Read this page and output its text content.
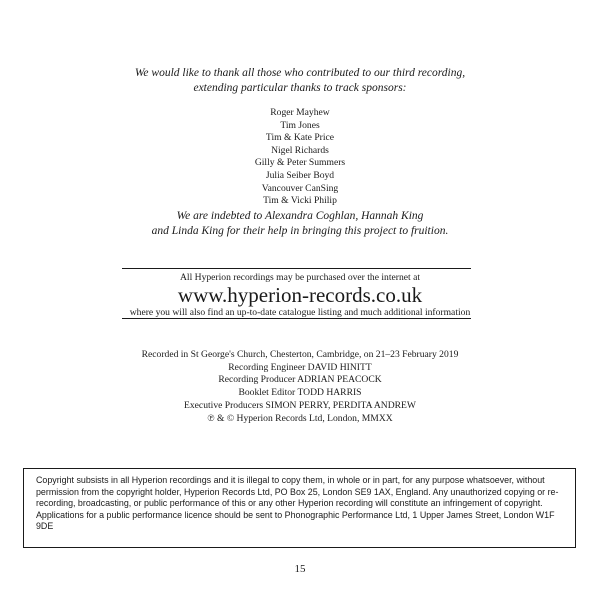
We would like to thank all those who contributed to our third recording,
extending particular thanks to track sponsors:
Roger Mayhew
Tim Jones
Tim & Kate Price
Nigel Richards
Gilly & Peter Summers
Julia Seiber Boyd
Vancouver CanSing
Tim & Vicki Philip
We are indebted to Alexandra Coghlan, Hannah King
and Linda King for their help in bringing this project to fruition.
All Hyperion recordings may be purchased over the internet at
www.hyperion-records.co.uk
where you will also find an up-to-date catalogue listing and much additional information
Recorded in St George's Church, Chesterton, Cambridge, on 21–23 February 2019
Recording Engineer DAVID HINITT
Recording Producer ADRIAN PEACOCK
Booklet Editor TODD HARRIS
Executive Producers SIMON PERRY, PERDITA ANDREW
℗ & © Hyperion Records Ltd, London, MMXX

Copyright subsists in all Hyperion recordings and it is illegal to copy them, in whole or in part, for any purpose whatsoever, without permission from the copyright holder, Hyperion Records Ltd, PO Box 25, London SE9 1AX, England. Any unauthorized copying or re-recording, broadcasting, or public performance of this or any other Hyperion recording will constitute an infringement of copyright. Applications for a public performance licence should be sent to Phonographic Performance Ltd, 1 Upper James Street, London W1F 9DE

15
